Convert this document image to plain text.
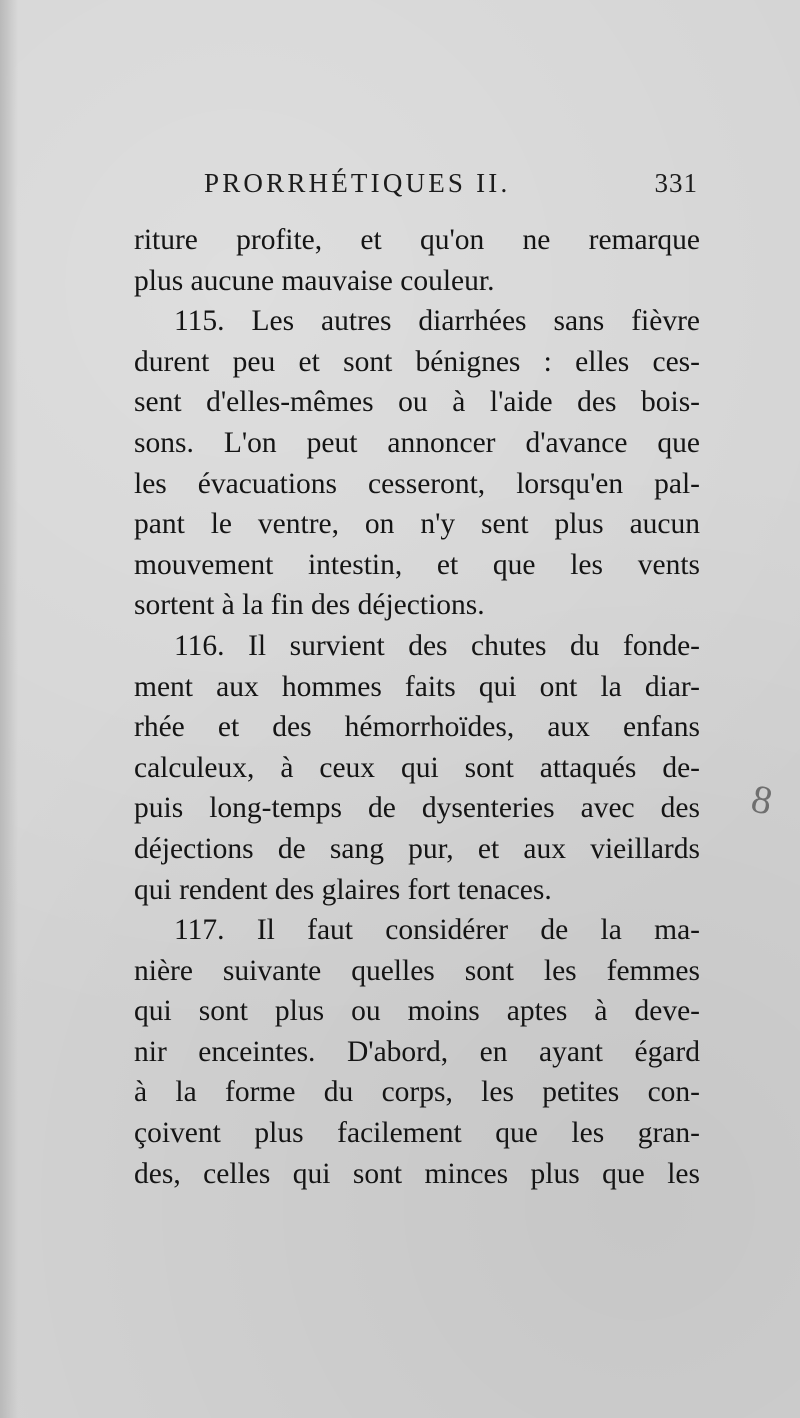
PRORRHÉTIQUES II.	331
riture profite, et qu'on ne remarque
plus aucune mauvaise couleur.
115. Les autres diarrhées sans fièvre
durent peu et sont bénignes : elles ces-
sent d'elles-mêmes ou à l'aide des bois-
sons. L'on peut annoncer d'avance que
les évacuations cesseront, lorsqu'en pal-
pant le ventre, on n'y sent plus aucun
mouvement intestin, et que les vents
sortent à la fin des déjections.
116. Il survient des chutes du fonde-
ment aux hommes faits qui ont la diar-
rhée et des hémorrhoïdes, aux enfans
calculeux, à ceux qui sont attaqués de-
puis long-temps de dysenteries avec des
déjections de sang pur, et aux vieillards
qui rendent des glaires fort tenaces.
117. Il faut considérer de la ma-
nière suivante quelles sont les femmes
qui sont plus ou moins aptes à deve-
nir enceintes. D'abord, en ayant égard
à la forme du corps, les petites con-
çoivent plus facilement que les gran-
des, celles qui sont minces plus que les
8
